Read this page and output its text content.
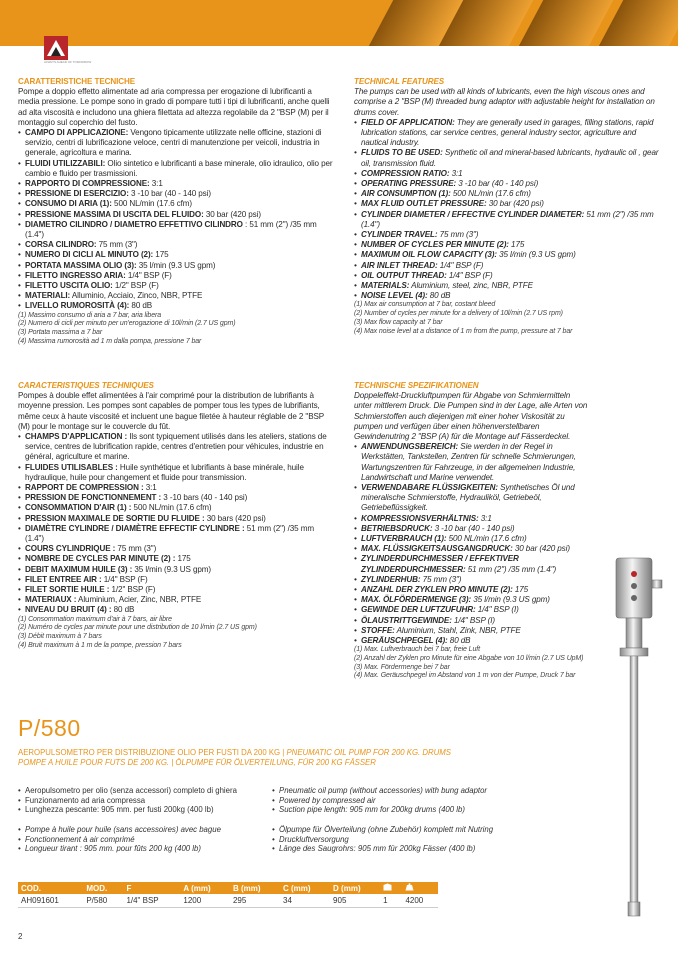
ALWAYS AHEAD OF TOMORROW
CARATTERISTICHE TECNICHE

Pompe a doppio effetto alimentate ad aria compressa per erogazione di lubrificanti a media pressione. Le pompe sono in grado di pompare tutti i tipi di lubrificanti, anche quelli ad alta viscosità e includono una ghiera filettata ad altezza regolabile da 2 "BSP (M) per il montaggio sul coperchio del fusto.

• CAMPO DI APPLICAZIONE: Vengono tipicamente utilizzate nelle officine, stazioni di servizio, centri di lubrificazione veloce, centri di manutenzione per veicoli, industria in generale, agricoltura e marina.
• FLUIDI UTILIZZABILI: Olio sintetico e lubrificanti a base minerale, olio idraulico, olio per cambio e fluido per trasmissioni.
• RAPPORTO DI COMPRESSIONE: 3:1
• PRESSIONE DI ESERCIZIO: 3 -10 bar (40 - 140 psi)
• CONSUMO DI ARIA (1): 500 NL/min (17.6 cfm)
• PRESSIONE MASSIMA DI USCITA DEL FLUIDO: 30 bar (420 psi)
• DIAMETRO CILINDRO / DIAMETRO EFFETTIVO CILINDRO : 51 mm (2") /35 mm (1.4")
• CORSA CILINDRO: 75 mm (3")
• NUMERO DI CICLI AL MINUTO (2): 175
• PORTATA MASSIMA OLIO (3): 35 l/min (9.3 US gpm)
• FILETTO INGRESSO ARIA: 1/4" BSP (F)
• FILETTO USCITA OLIO: 1/2" BSP (F)
• MATERIALI: Alluminio, Acciaio, Zinco, NBR, PTFE
• LIVELLO RUMOROSITÀ (4): 80 dB
(1) Massimo consumo di aria a 7 bar, aria libera
(2) Numero di cicli per minuto per un'erogazione di 10l/min (2.7 US gpm)
(3) Portata massima a 7 bar
(4) Massima rumorosità ad 1 m dalla pompa, pressione 7 bar
TECHNICAL FEATURES

The pumps can be used with all kinds of lubricants, even the high viscous ones and comprise a 2 "BSP (M) threaded bung adaptor with adjustable height for installation on drums cover.

• FIELD OF APPLICATION: They are generally used in garages, filling stations, rapid lubrication stations, car service centres, general industry sector, agriculture and nautical industry.
• FLUIDS TO BE USED: Synthetic oil and mineral-based lubricants, hydraulic oil , gear oil, transmission fluid.
• COMPRESSION RATIO: 3:1
• OPERATING PRESSURE: 3 -10 bar (40 - 140 psi)
• AIR CONSUMPTION (1): 500 NL/min (17.6 cfm)
• MAX FLUID OUTLET PRESSURE: 30 bar (420 psi)
• CYLINDER DIAMETER / EFFECTIVE CYLINDER DIAMETER: 51 mm (2") /35 mm (1.4")
• CYLINDER TRAVEL: 75 mm (3")
• NUMBER OF CYCLES PER MINUTE (2): 175
• MAXIMUM OIL FLOW CAPACITY (3): 35 l/min (9.3 US gpm)
• AIR INLET THREAD: 1/4" BSP (F)
• OIL OUTPUT THREAD: 1/4" BSP (F)
• MATERIALS: Aluminium, steel, zinc, NBR, PTFE
• NOISE LEVEL (4): 80 dB
(1) Max air consumption at 7 bar, costant bleed
(2) Number of cycles per minute for a delivery of 10l/min (2.7 US rpm)
(3) Max flow capacity at 7 bar
(4) Max noise level at a distance of 1 m from the pump, pressure at 7 bar
CARACTERISTIQUES TECHNIQUES

Pompes à double effet alimentées à l'air comprimé pour la distribution de lubrifiants à moyenne pression. Les pompes sont capables de pomper tous les types de lubrifiants, même ceux à haute viscosité et incluent une bague filetée à hauteur réglable de 2 "BSP (M) pour le montage sur le couvercle du fût.

• CHAMPS D'APPLICATION : Ils sont typiquement utilisés dans les ateliers, stations de service, centres de lubrification rapide, centres d'entretien pour véhicules, industrie en général, agriculture et marine.
• FLUIDES UTILISABLES : Huile synthétique et lubrifiants à base minérale, huile hydraulique, huile pour changement et fluide pour transmission.
• RAPPORT DE COMPRESSION : 3:1
• PRESSION DE FONCTIONNEMENT : 3 -10 bars (40 - 140 psi)
• CONSOMMATION D'AIR (1) : 500 NL/min (17.6 cfm)
• PRESSION MAXIMALE DE SORTIE DU FLUIDE : 30 bars (420 psi)
• DIAMÈTRE CYLINDRE / DIAMÈTRE EFFECTIF CYLINDRE : 51 mm (2") /35 mm (1.4")
• COURS CYLINDRIQUE : 75 mm (3")
• NOMBRE DE CYCLES PAR MINUTE (2) : 175
• DEBIT MAXIMUM HUILE (3) : 35 l/min (9.3 US gpm)
• FILET ENTREE AIR : 1/4" BSP (F)
• FILET SORTIE HUILE : 1/2" BSP (F)
• MATERIAUX : Aluminium, Acier, Zinc, NBR, PTFE
• NIVEAU DU BRUIT (4) : 80 dB
(1) Consommation maximum d'air à 7 bars, air libre
(2) Numéro de cycles par minute pour une distribution de 10 l/min (2.7 US gpm)
(3) Débit maximum à 7 bars
(4) Bruit maximum à 1 m de la pompe, pression 7 bars
TECHNISCHE SPEZIFIKATIONEN

Doppeleffekt-Druckluftpumpen für Abgabe von Schmiermitteln unter mittlerem Druck. Die Pumpen sind in der Lage, alle Arten von Schmierstoffen auch diejenigen mit einer hoher Viskosität zu pumpen und verfügen über einen höhenverstellbaren Gewindenutring 2 "BSP (A) für die Montage auf Fässerdeckel.

• ANWENDUNGSBEREICH: Sie werden in der Regel in Werkstätten, Tankstellen, Zentren für schnelle Schmierungen, Wartungszentren für Fahrzeuge, in der allgemeinen Industrie, Landwirtschaft und Marine verwendet.
• VERWENDABARE FLÜSSIGKEITEN: Synthetisches Öl und mineralische Schmierstoffe, Hydrauliköl, Getriebeöl, Getriebeflüssigkeit.
• KOMPRESSIONSVERHÄLTNIS: 3:1
• BETRIEBSDRUCK: 3 -10 bar (40 - 140 psi)
• LUFTVERBRAUCH (1): 500 NL/min (17.6 cfm)
• MAX. FLÜSSIGKEITSAUSGANGDRUCK: 30 bar (420 psi)
• ZYLINDERDURCHMESSER / EFFEKTIVER ZYLINDERDURCHMESSER: 51 mm (2") /35 mm (1.4")
• ZYLINDERHUB: 75 mm (3")
• ANZAHL DER ZYKLEN PRO MINUTE (2): 175
• MAX. ÖLFÖRDERMENGE (3): 35 l/min (9.3 US gpm)
• GEWINDE DER LUFTZUFUHR: 1/4" BSP (I)
• ÖLAUSTRITTGEWINDE: 1/4" BSP (I)
• STOFFE: Aluminium, Stahl, Zink, NBR, PTFE
• GERÄUSCHPEGEL (4): 80 dB
(1) Max. Luftverbrauch bei 7 bar, freie Luft
(2) Anzahl der Zyklen pro Minute für eine Abgabe von 10 l/min (2.7 US UpM)
(3) Max. Fördermenge bei 7 bar
(4) Max. Geräuschpegel im Abstand von 1 m von der Pumpe, Druck 7 bar
P/580
AEROPULSOMETRO PER DISTRIBUZIONE OLIO PER FUSTI DA 200 KG | PNEUMATIC OIL PUMP FOR 200 KG. DRUMS
POMPE A HUILE POUR FUTS DE 200 KG. | ÖLPUMPE FÜR ÖLVERTEILUNG, FÜR 200 KG FÄSSER
• Aeropulsometro per olio (senza accessori) completo di ghiera
• Funzionamento ad aria compressa
• Lunghezza pescante: 905 mm. per fusti 200kg (400 lb)
• Pneumatic oil pump (without accessories) with bung adaptor
• Powered by compressed air
• Suction pipe length: 905 mm for 200kg drums (400 lb)
• Pompe à huile pour huile (sans accessoires) avec bague
• Fonctionnement à air comprimé
• Longueur tirant : 905 mm. pour fûts 200 kg (400 lb)
• Ölpumpe für Ölverteilung (ohne Zubehör) komplett mit Nutring
• Druckluftversorgung
• Länge des Saugrohrs: 905 mm für 200kg Fässer (400 lb)
COD.	MOD.	F	A (mm)	B (mm)	C (mm)	D (mm)		
AH091601	P/580	1/4" BSP	1200	295	34	905	1	4200
2
